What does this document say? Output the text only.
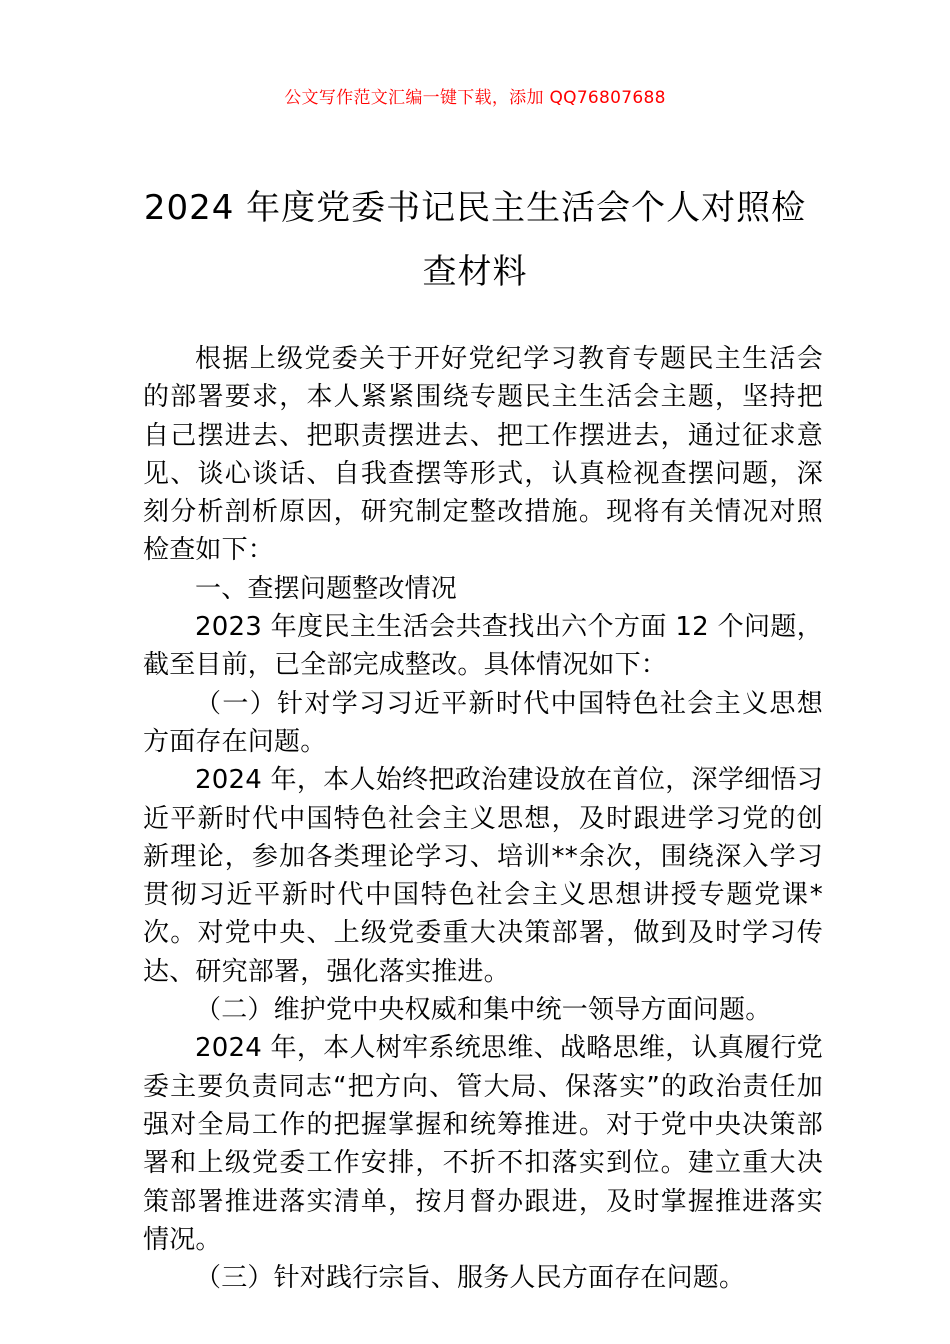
公文写作范文汇编一键下载，添加 QQ76807688
2024 年度党委书记民主生活会个人对照检查材料

根据上级党委关于开好党纪学习教育专题民主生活会的部署要求，本人紧紧围绕专题民主生活会主题，坚持把自己摆进去、把职责摆进去、把工作摆进去，通过征求意见、谈心谈话、自我查摆等形式，认真检视查摆问题，深刻分析剖析原因，研究制定整改措施。现将有关情况对照检查如下：

一、查摆问题整改情况

2023 年度民主生活会共查找出六个方面 12 个问题，截至目前，已全部完成整改。具体情况如下：

（一）针对学习习近平新时代中国特色社会主义思想方面存在问题。

2024 年，本人始终把政治建设放在首位，深学细悟习近平新时代中国特色社会主义思想，及时跟进学习党的创新理论，参加各类理论学习、培训**余次，围绕深入学习贯彻习近平新时代中国特色社会主义思想讲授专题党课*次。对党中央、上级党委重大决策部署，做到及时学习传达、研究部署，强化落实推进。

（二）维护党中央权威和集中统一领导方面问题。

2024 年，本人树牢系统思维、战略思维，认真履行党委主要负责同志“把方向、管大局、保落实”的政治责任加强对全局工作的把握掌握和统筹推进。对于党中央决策部署和上级党委工作安排，不折不扣落实到位。建立重大决策部署推进落实清单，按月督办跟进，及时掌握推进落实情况。

（三）针对践行宗旨、服务人民方面存在问题。
